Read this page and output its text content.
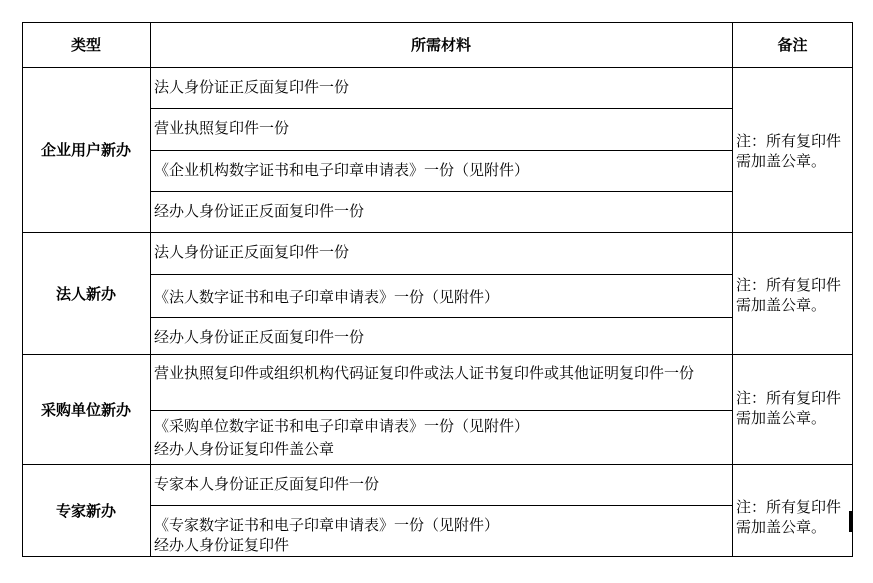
类型	所需材料	备注
企业用户新办
法人身份证正反面复印件一份
营业执照复印件一份
《企业机构数字证书和电子印章申请表》一份（见附件）
经办人身份证正反面复印件一份
注：所有复印件
需加盖公章。
法人新办
法人身份证正反面复印件一份
《法人数字证书和电子印章申请表》一份（见附件）
经办人身份证正反面复印件一份
注：所有复印件
需加盖公章。
采购单位新办
营业执照复印件或组织机构代码证复印件或法人证书复印件或其他证明复印件一份
《采购单位数字证书和电子印章申请表》一份（见附件）
经办人身份证复印件盖公章
注：所有复印件
需加盖公章。
专家新办
专家本人身份证正反面复印件一份
《专家数字证书和电子印章申请表》一份（见附件）
经办人身份证复印件
注：所有复印件
需加盖公章。
